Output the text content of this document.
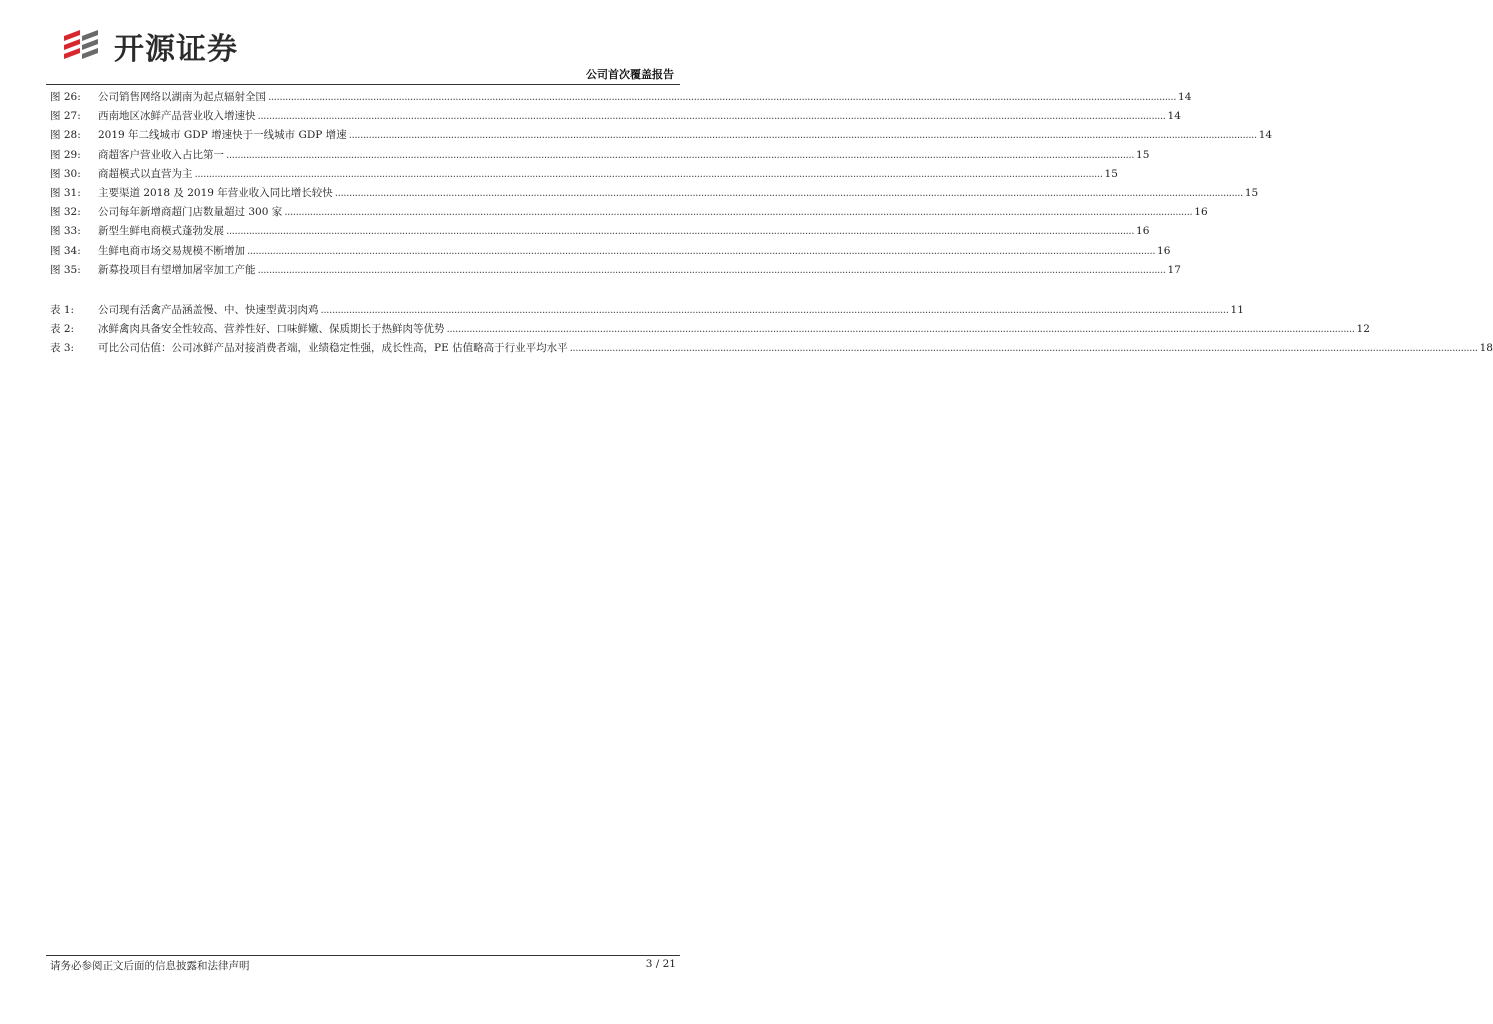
开源证券
公司首次覆盖报告
图 26:	公司销售网络以湖南为起点辐射全国 .....	14
图 27:	西南地区冰鲜产品营业收入增速快 .....	14
图 28:	2019 年二线城市 GDP 增速快于一线城市 GDP 增速 .....	14
图 29:	商超客户营业收入占比第一 .....	15
图 30:	商超模式以直营为主 .....	15
图 31:	主要渠道 2018 及 2019 年营业收入同比增长较快 .....	15
图 32:	公司每年新增商超门店数量超过 300 家 .....	16
图 33:	新型生鲜电商模式蓬勃发展 .....	16
图 34:	生鲜电商市场交易规模不断增加 .....	16
图 35:	新募投项目有望增加屠宰加工产能 .....	17
表 1:	公司现有活禽产品涵盖慢、中、快速型黄羽肉鸡 .....	11
表 2:	冰鲜禽肉具备安全性较高、营养性好、口味鲜嫩、保质期长于热鲜肉等优势 .....	12
表 3:	可比公司估值：公司冰鲜产品对接消费者端，业绩稳定性强，成长性高，PE 估值略高于行业平均水平 .....	18
请务必参阅正文后面的信息披露和法律声明	3 / 21
